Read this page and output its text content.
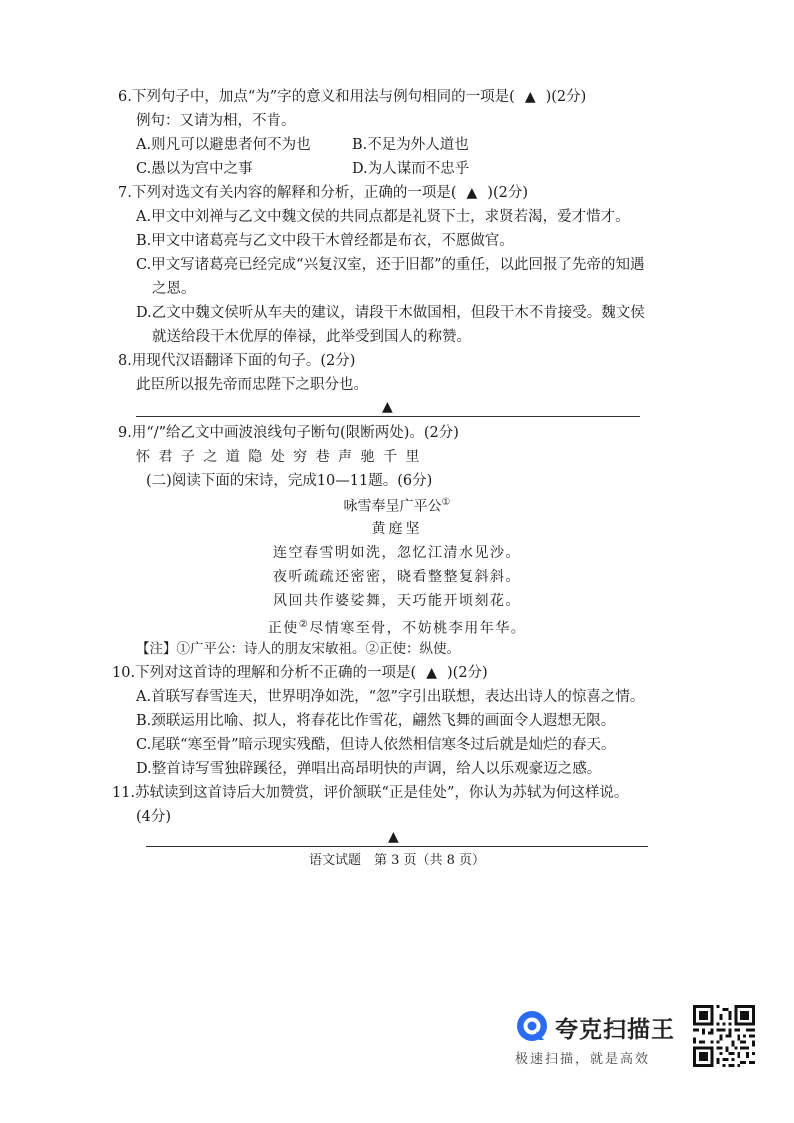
6.下列句子中，加点“为”字的意义和用法与例句相同的一项是( ▲ )(2分)
例句：又请为相，不肯。
A.则凡可以避患者何不为也	B.不足为外人道也
C.愚以为宫中之事	D.为人谋而不忠乎
7.下列对选文有关内容的解释和分析，正确的一项是( ▲ )(2分)
A.甲文中刘禅与乙文中魏文侯的共同点都是礼贤下士，求贤若渴，爱才惜才。
B.甲文中诸葛亮与乙文中段干木曾经都是布衣，不愿做官。
C.甲文写诸葛亮已经完成“兴复汉室，还于旧都”的重任，以此回报了先帝的知遇
之恩。
D.乙文中魏文侯听从车夫的建议，请段干木做国相，但段干木不肯接受。魏文侯
就送给段干木优厚的俸禄，此举受到国人的称赞。
8.用现代汉语翻译下面的句子。(2分)
此臣所以报先帝而忠陛下之职分也。
▲
9.用“/”给乙文中画波浪线句子断句(限断两处)。(2分)
怀 君 子 之 道 隐 处 穷 巷 声 驰 千 里
(二)阅读下面的宋诗，完成10—11题。(6分)
咏雪奉呈广平公①
黄庭坚
连空春雪明如洗，忽忆江清水见沙。
夜听疏疏还密密，晓看整整复斜斜。
风回共作婆娑舞，天巧能开顷刻花。
正使②尽情寒至骨，不妨桃李用年华。
【注】①广平公：诗人的朋友宋敏祖。②正使：纵使。
10.下列对这首诗的理解和分析不正确的一项是( ▲ )(2分)
A.首联写春雪连天，世界明净如洗，“忽”字引出联想，表达出诗人的惊喜之情。
B.颈联运用比喻、拟人，将春花比作雪花，翩然飞舞的画面令人遐想无限。
C.尾联“寒至骨”暗示现实残酷，但诗人依然相信寒冬过后就是灿烂的春天。
D.整首诗写雪独辟蹊径，弹唱出高昂明快的声调，给人以乐观豪迈之感。
11.苏轼读到这首诗后大加赞赏，评价颔联“正是佳处”，你认为苏轼为何这样说。
(4分)
▲
语文试题　第 3 页（共 8 页）
夸克扫描王
极速扫描，就是高效
